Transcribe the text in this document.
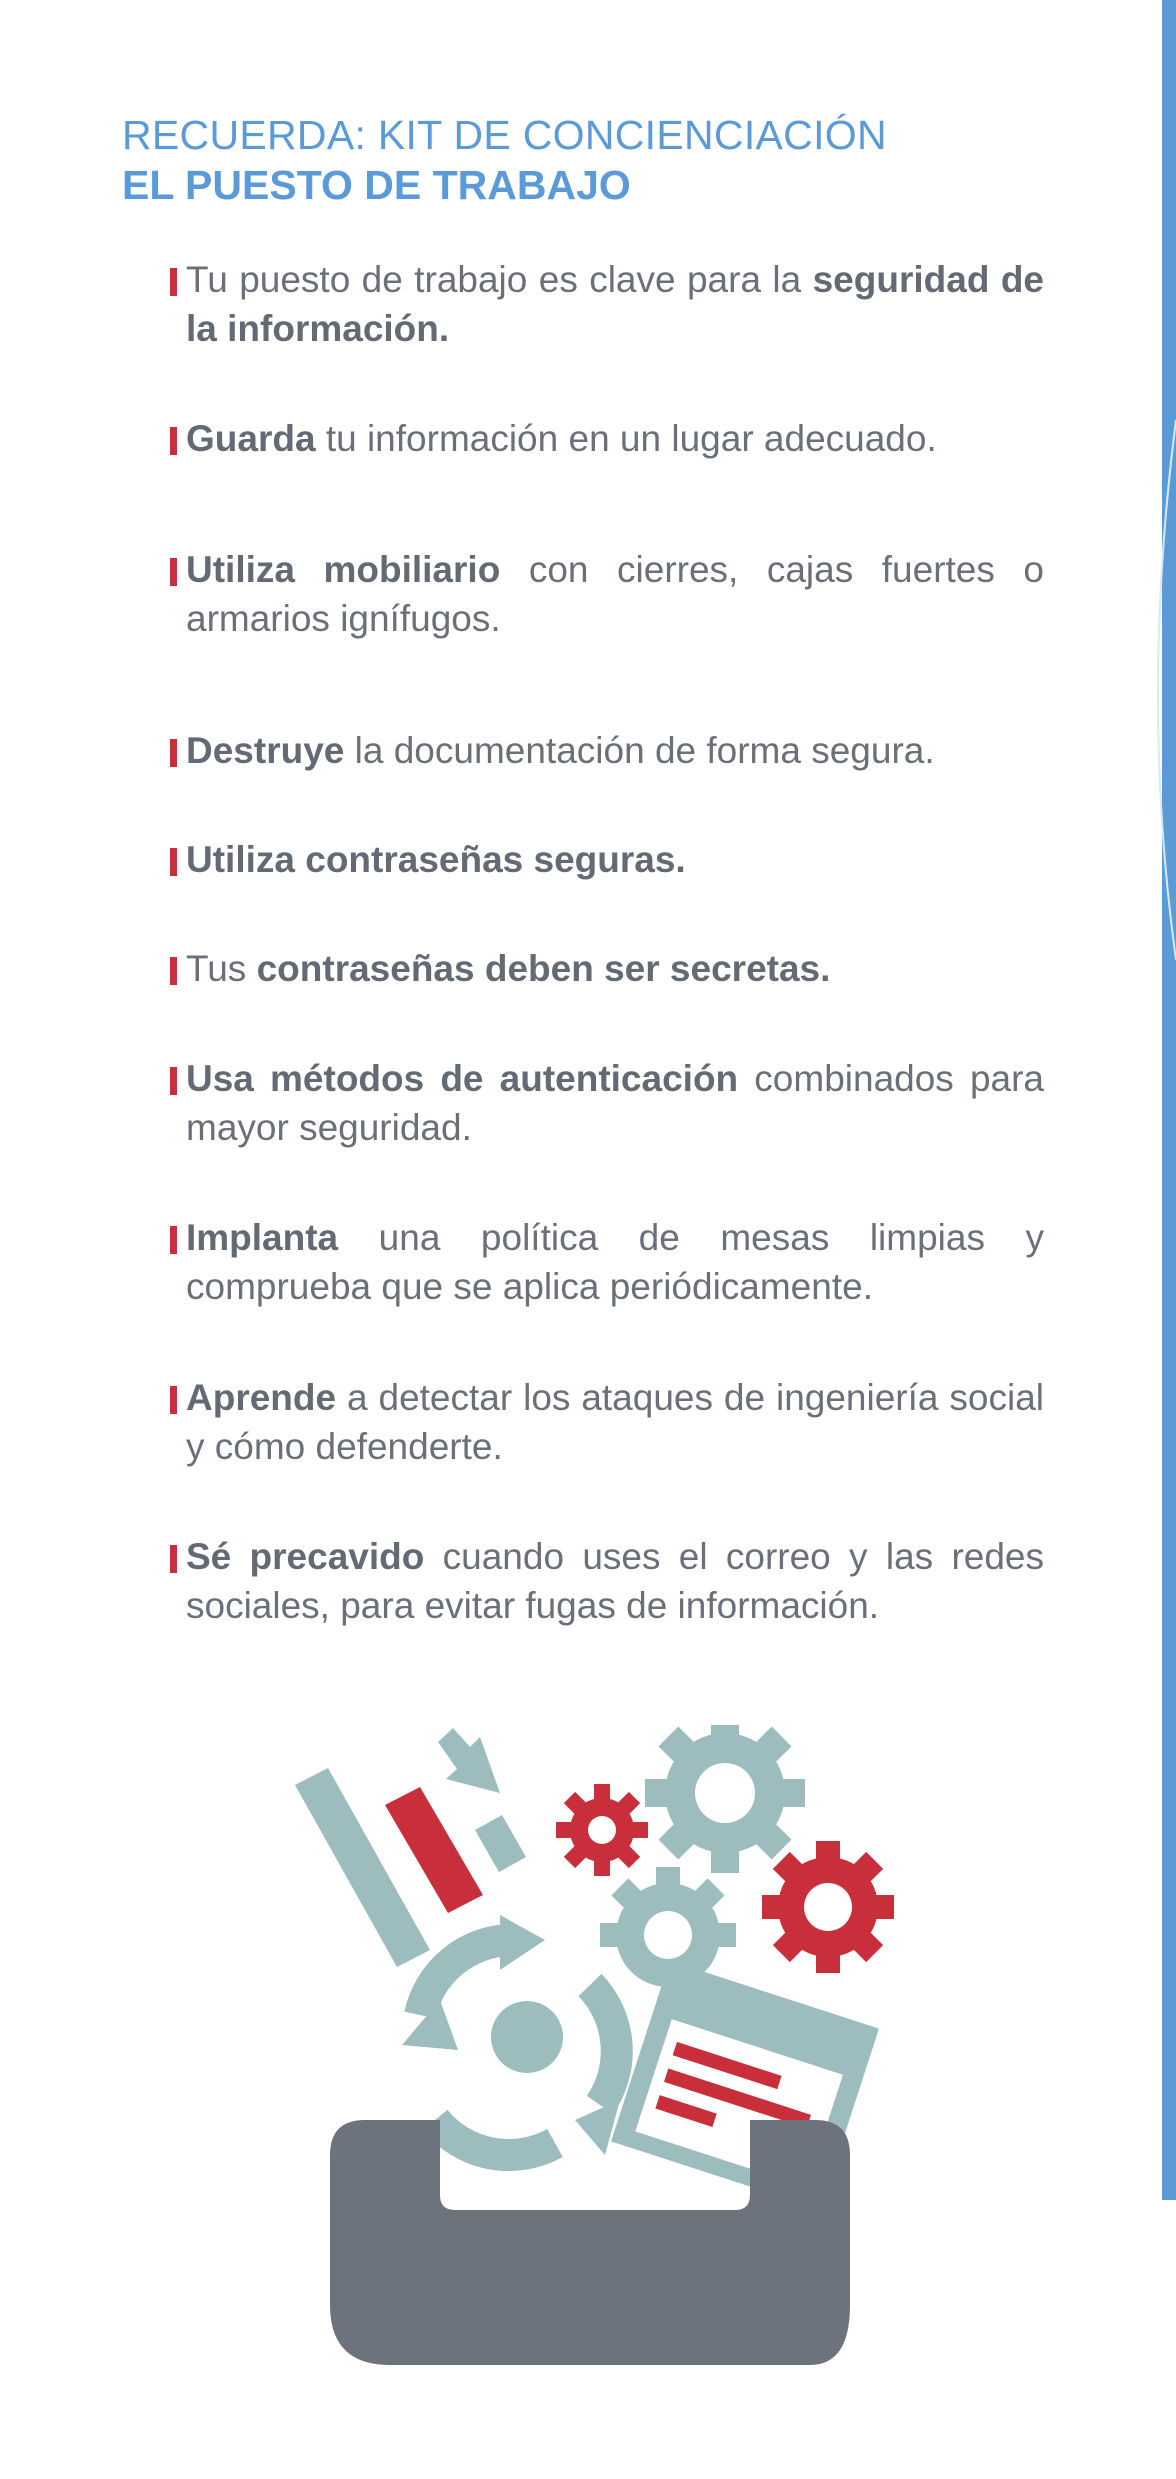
RECUERDA: KIT DE CONCIENCIACIÓN
EL PUESTO DE TRABAJO
Tu puesto de trabajo es clave para la seguridad de la información.
Guarda tu información en un lugar adecuado.
Utiliza mobiliario con cierres, cajas fuertes o armarios ignífugos.
Destruye la documentación de forma segura.
Utiliza contraseñas seguras.
Tus contraseñas deben ser secretas.
Usa métodos de autenticación combinados para mayor seguridad.
Implanta una política de mesas limpias y comprueba que se aplica periódicamente.
Aprende a detectar los ataques de ingeniería social y cómo defenderte.
Sé precavido cuando uses el correo y las redes sociales, para evitar fugas de información.
